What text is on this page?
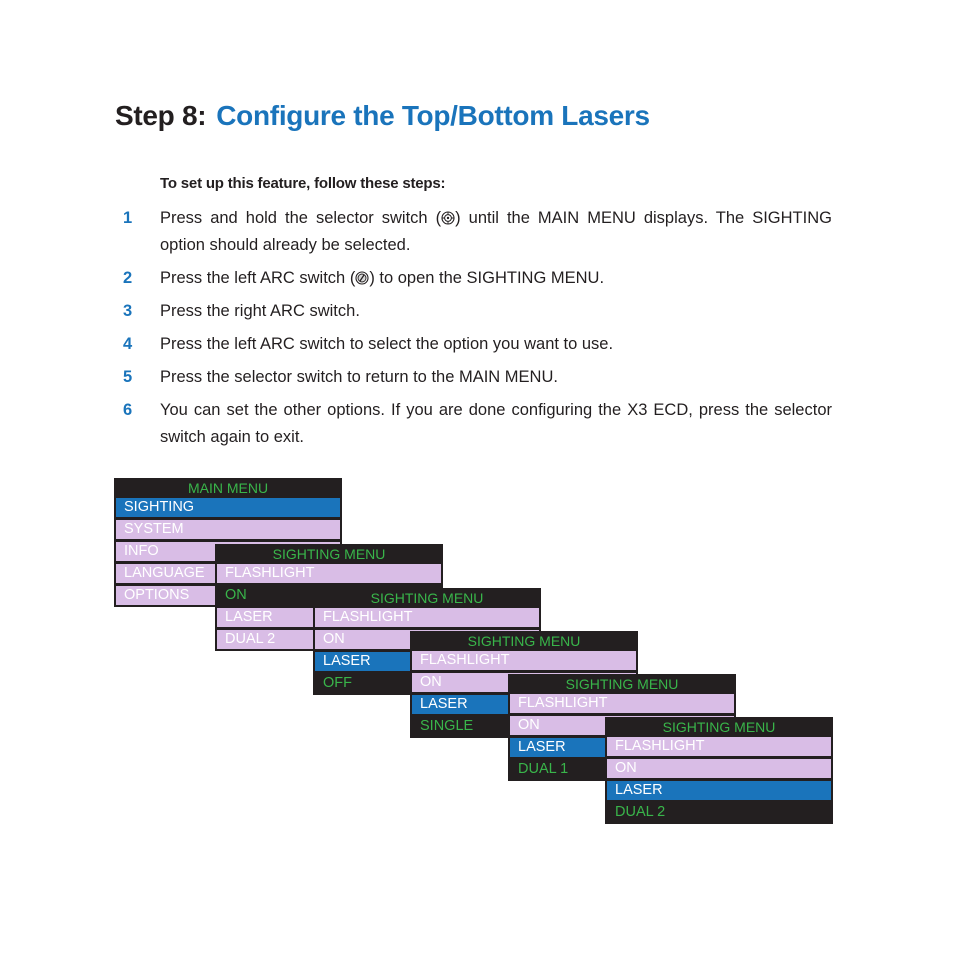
Step 8: Configure the Top/Bottom Lasers
To set up this feature, follow these steps:
1 Press and hold the selector switch ( ) until the MAIN MENU displays. The SIGHTING option should already be selected.
2 Press the left ARC switch ( ) to open the SIGHTING MENU.
3 Press the right ARC switch.
4 Press the left ARC switch to select the option you want to use.
5 Press the selector switch to return to the MAIN MENU.
6 You can set the other options. If you are done configuring the X3 ECD, press the selector switch again to exit.
MAIN MENU
SIGHTING
SYSTEM
INFO
LANGUAGE
OPTIONS
SIGHTING MENU
FLASHLIGHT
ON
LASER
DUAL 2
SIGHTING MENU
FLASHLIGHT
ON
LASER
OFF
SIGHTING MENU
FLASHLIGHT
ON
LASER
SINGLE
SIGHTING MENU
FLASHLIGHT
ON
LASER
DUAL 1
SIGHTING MENU
FLASHLIGHT
ON
LASER
DUAL 2
